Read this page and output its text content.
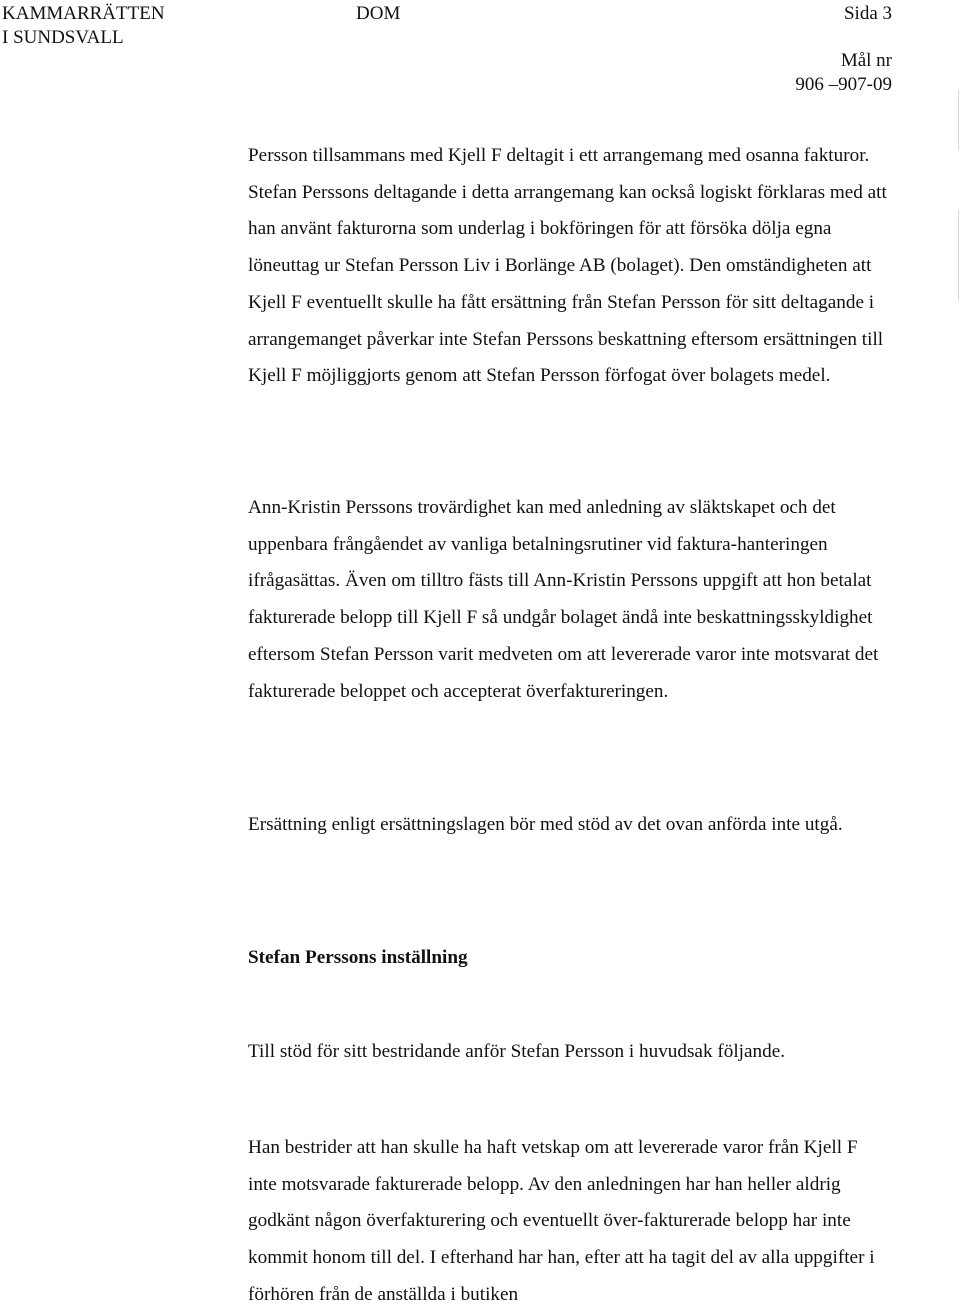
KAMMARRÄTTEN
I SUNDSVALL
DOM	Sida 3
Mål nr
906 –907-09

Persson tillsammans med Kjell F deltagit i ett arrangemang med osanna fakturor. Stefan Perssons deltagande i detta arrangemang kan också logiskt förklaras med att han använt fakturorna som underlag i bokföringen för att försöka dölja egna löneuttag ur Stefan Persson Liv i Borlänge AB (bolaget). Den omständigheten att Kjell F eventuellt skulle ha fått ersättning från Stefan Persson för sitt deltagande i arrangemanget påverkar inte Stefan Perssons beskattning eftersom ersättningen till Kjell F möjliggjorts genom att Stefan Persson förfogat över bolagets medel.

Ann-Kristin Perssons trovärdighet kan med anledning av släktskapet och det uppenbara frångåendet av vanliga betalningsrutiner vid faktura-hanteringen ifrågasättas. Även om tilltro fästs till Ann-Kristin Perssons uppgift att hon betalat fakturerade belopp till Kjell F så undgår bolaget ändå inte beskattningsskyldighet eftersom Stefan Persson varit medveten om att levererade varor inte motsvarat det fakturerade beloppet och accepterat överfaktureringen.

Ersättning enligt ersättningslagen bör med stöd av det ovan anförda inte utgå.

Stefan Perssons inställning

Till stöd för sitt bestridande anför Stefan Persson i huvudsak följande.

Han bestrider att han skulle ha haft vetskap om att levererade varor från Kjell F inte motsvarade fakturerade belopp. Av den anledningen har han heller aldrig godkänt någon överfakturering och eventuellt över-fakturerade belopp har inte kommit honom till del. I efterhand har han, efter att ha tagit del av alla uppgifter i förhören från de anställda i butiken
